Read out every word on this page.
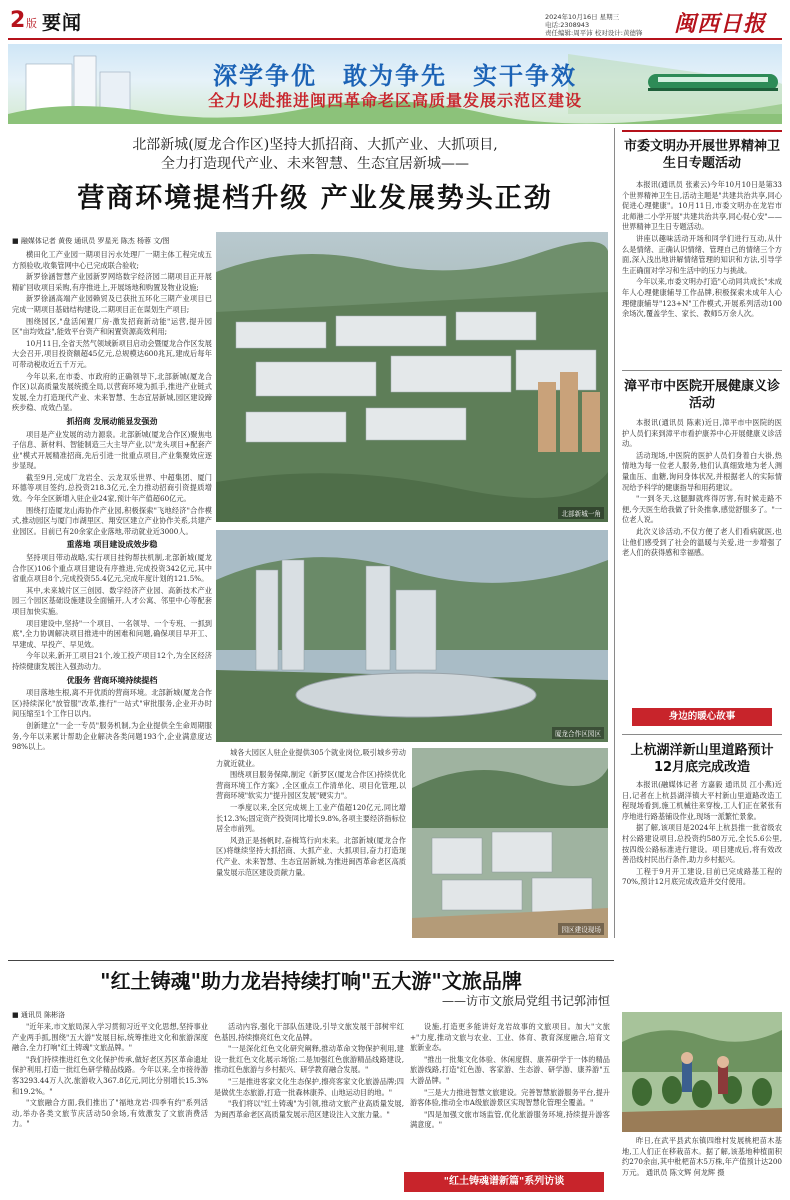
2 版 要闻	2024年10月16日 星期三
电话:2308943
责任编辑:周平沛 校对设计:黄德锋 闽西日报
深学争优　敢为争先　实干争效
全力以赴推进闽西革命老区高质量发展示范区建设
北部新城(厦龙合作区)坚持大抓招商、大抓产业、大抓项目,
全力打造现代产业、未来智慧、生态宜居新城——
营商环境提档升级 产业发展势头正劲
■ 融媒体记者 黄俊 通讯员 罗星光 陈杰 杨蓉 文/图

横田化工产业园一期项目污水处理厂一期主体工程完成五方预验收,收集管网中心已完成联合验收;

新罗徐涵智慧产业园新罗网络数字经济园二期项目正开展精矿回收项目采购,有序推进上,开展场地和购置及物业设施;

新罗徐涵高端产业园赖贸及已获批五环化三期产业项目已完成一期项目基础结构建设,二期项目正在谋划生产项目;

围绕园区,"盘活闲置厂房·激发招商新动能"运营,提升园区"亩均效益",能效平台资产和闲置资源高效利用;

10月11日,全省天然气领域新项目启动会暨厦龙合作区发展大会召开,项目投资额超45亿元,总规模达600兆瓦,建成后每年可带动税收近五千万元。

今年以来,在市委、市政府的正确领导下,北部新城(厦龙合作区)以高质量发展统揽全局,以营商环境为抓手,推进产业链式发展,全力打造现代产业、未来智慧、生态宜居新城,园区建设蹄疾步稳、成效凸显。

抓招商 发展动能显发强劲

项目是产业发展的动力源泉。北部新城(厦龙合作区)聚焦电子信息、新材料、智能制造三大主导产业,以"龙头项目+配套产业"模式开展精准招商,先后引进一批重点项目,产业集聚效应逐步显现。

截至9月,完成厂龙岩全、云龙双乐世界、中超集团、厦门环德等项目签约,总投资218.3亿元,全力推动招商引资提质增效。今年全区新增入驻企业24家,预计年产值超60亿元。

围绕打造厦龙山海协作产业园,积极探索"飞地经济"合作模式,推动园区与厦门市湖里区、翔安区建立产业协作关系,共建产业园区。目前已有20余家企业落地,带动就业近3000人。

重落地 项目建设成效步稳

坚持项目带动战略,实行项目挂钩帮扶机制,北部新城(厦龙合作区)106个重点项目建设有序推进,完成投资342亿元,其中省重点项目8个,完成投资55.4亿元,完成年度计划的121.5%。

其中,未来城片区三创园、数字经济产业园、高新技术产业园三个园区基础设施建设全面铺开,人才公寓、邻里中心等配套项目加快实施。

项目建设中,坚持"一个项目、一名领导、一个专班、一抓到底",全力协调解决项目推进中的困难和问题,确保项目早开工、早建成、早投产、早见效。

今年以来,新开工项目21个,竣工投产项目12个,为全区经济持续健康发展注入强劲动力。

优服务 营商环境持续提档

项目落地生根,离不开优质的营商环境。北部新城(厦龙合作区)持续深化"放管服"改革,推行"一站式"审批服务,企业开办时间压缩至1个工作日以内。

创新建立"一企一专员"服务机制,为企业提供全生命周期服务,今年以来累计帮助企业解决各类问题193个,企业满意度达98%以上。

北部新城一角
厦龙合作区园区
园区建设现场

城各大园区人驻企业提供305个就业岗位,吸引城乡劳动力就近就业。

围绕项目服务保障,制定《新罗区(厦龙合作区)持续优化营商环境工作方案》,全区重点工作清单化、项目化管理,以营商环境"软实力"提升园区发展"硬实力"。

一季度以来,全区完成规上工业产值超120亿元,同比增长12.3%;固定资产投资同比增长9.8%,各项主要经济指标位居全市前列。

风劲正是扬帆时,奋楫笃行向未来。北部新城(厦龙合作区)将继续坚持大抓招商、大抓产业、大抓项目,奋力打造现代产业、未来智慧、生态宜居新城,为推进闽西革命老区高质量发展示范区建设贡献力量。

"红土铸魂"助力龙岩持续打响"五大游"文旅品牌
——访市文旅局党组书记郭沛恒
■ 通讯员 陈彬洛

"近年来,市文旅局深入学习贯彻习近平文化思想,坚持事业产业两手抓,围绕"五大游"发展目标,统筹推进文化和旅游深度融合,全力打响"红土铸魂"文旅品牌。"

"我们持续推进红色文化保护传承,做好老区苏区革命遗址保护利用,打造一批红色研学精品线路。今年以来,全市接待游客3293.44万人次,旅游收入367.8亿元,同比分别增长15.3%和19.2%。"

"文旅融合方面,我们推出了"福地龙岩·四季有约"系列活动,举办各类文旅节庆活动50余场,有效激发了文旅消费活力。"

活动内容,强化干部队伍建设,引导文旅发展干部树牢红色基因,持续擦亮红色文化品牌。

"一是深化红色文化研究阐释,推动革命文物保护利用,建设一批红色文化展示场馆;二是加强红色旅游精品线路建设,推动红色旅游与乡村振兴、研学教育融合发展。"

"三是推进客家文化生态保护,擦亮客家文化旅游品牌;四是做优生态旅游,打造一批森林康养、山地运动目的地。"

"我们将以"红土铸魂"为引领,推动文旅产业高质量发展,为闽西革命老区高质量发展示范区建设注入文旅力量。"

设施,打造更多能讲好龙岩故事的文旅项目。加大"文旅+"力度,推动文旅与农业、工业、体育、教育深度融合,培育文旅新业态。

"推出一批集文化体验、休闲度假、康养研学于一体的精品旅游线路,打造"红色游、客家游、生态游、研学游、康养游"五大游品牌。"

"三是大力推进智慧文旅建设。完善智慧旅游服务平台,提升游客体验,推动全市A级旅游景区实现智慧化管理全覆盖。"

"四是加强文旅市场监管,优化旅游服务环境,持续提升游客满意度。"

"红土铸魂谱新篇"系列访谈
市委文明办开展世界精神卫生日专题活动

本报讯(通讯员 张素云)今年10月10日是第33个世界精神卫生日,活动主题是"共建共治共享,同心促进心理健康"。10月11日,市委文明办在龙岩市北师港二小学开展"共建共治共享,同心促心安"——世界精神卫生日专题活动。

讲座以趣味活动开场和同学们进行互动,从什么是情绪、正确认识情绪、管理自己的情绪三个方面,深入浅出地讲解情绪管理的知识和方法,引导学生正确面对学习和生活中的压力与挑战。

今年以来,市委文明办打造"心动同共成长"未成年人心理健康辅导工作品牌,积极探索未成年人心理健康辅导"123+N"工作模式,开展系列活动100余场次,覆盖学生、家长、教师5万余人次。

漳平市中医院开展健康义诊活动

本报讯(通讯员 陈素)近日,漳平市中医院的医护人员们来到漳平市看护康养中心开展健康义诊活动。

活动现场,中医院的医护人员们身着白大褂,热情地为每一位老人服务,他们认真细致地为老人测量血压、血糖,询问身体状况,并根据老人的实际情况给予科学的健康指导和用药建议。

"一到冬天,这腿脚就疼得厉害,有时候走路不便,今天医生给我做了针灸推拿,感觉舒服多了。"一位老人说。

此次义诊活动,不仅方便了老人们看病就医,也让他们感受到了社会的温暖与关爱,进一步增强了老人们的获得感和幸福感。

身边的暖心故事
上杭湖洋新山里道路预计12月底完成改造

本报讯(融媒体记者 方嘉毅 通讯员 江小燕)近日,记者在上杭县湖洋镇大平村新山里道路改造工程现场看到,施工机械往来穿梭,工人们正在紧张有序地进行路基铺设作业,现场一派繁忙景象。

据了解,该项目是2024年上杭县推一批省级农村公路建设项目,总投资约580万元,全长5.6公里,按四级公路标准进行建设。项目建成后,将有效改善沿线村民出行条件,助力乡村振兴。

工程于9月开工建设,目前已完成路基工程的70%,预计12月底完成改造并交付使用。

昨日,在武平县武东镇四维村发展桃杷苗木基地,工人们正在移栽苗木。据了解,该基地种植面积约270余亩,其中枇杷苗木5万株,年产值预计达200万元。 通讯员 陈文辉 何龙辉 摄
